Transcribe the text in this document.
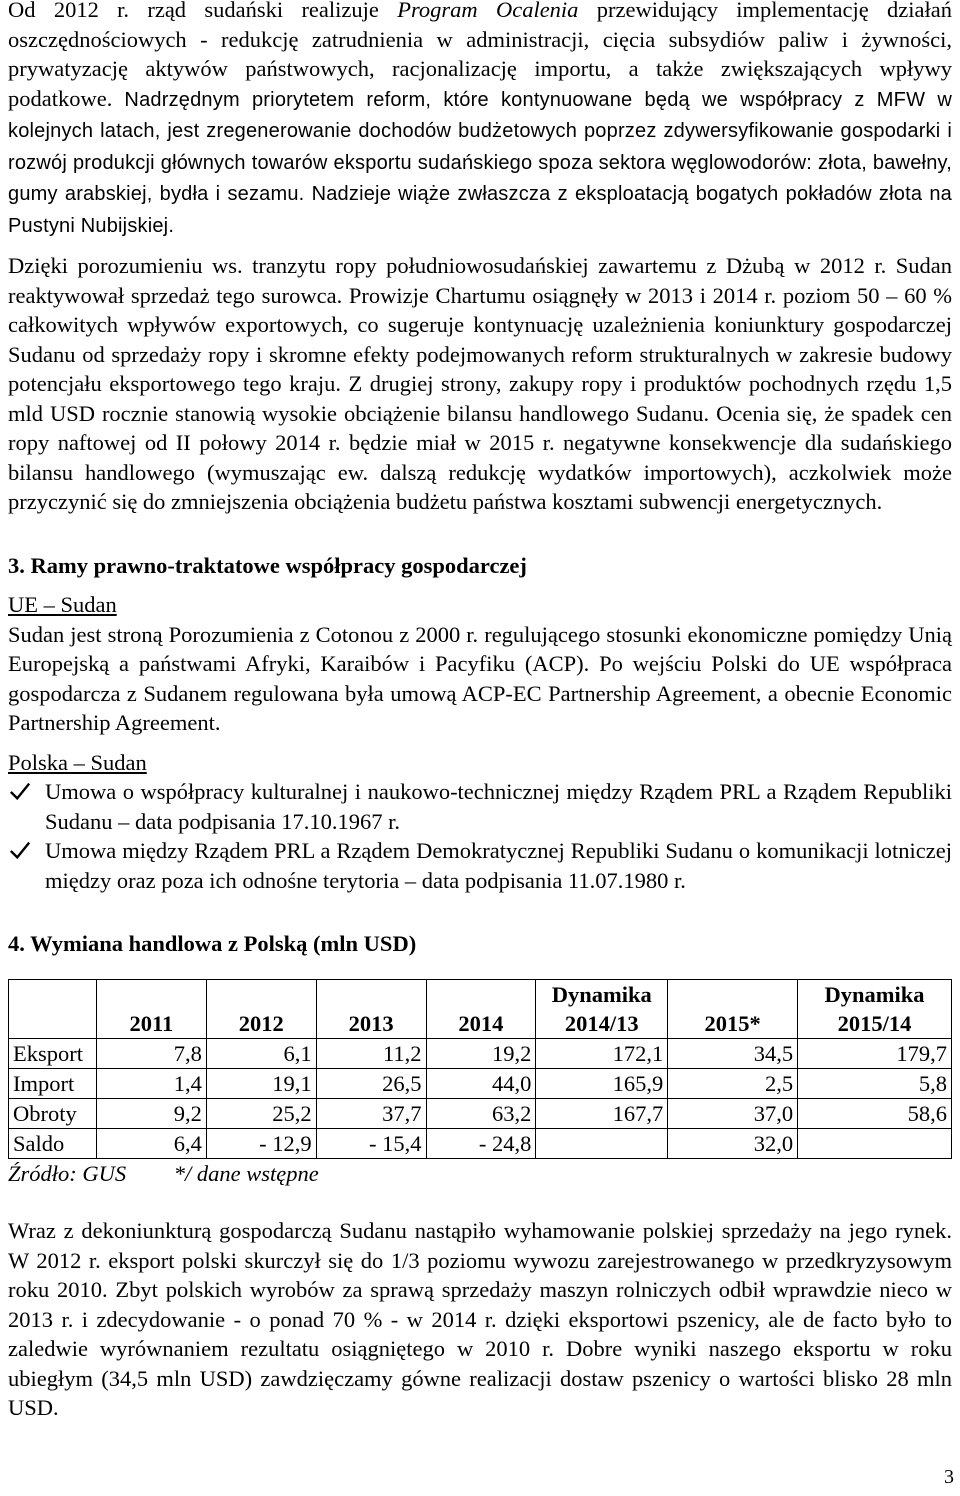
Od 2012 r. rząd sudański realizuje Program Ocalenia przewidujący implementację działań oszczędnościowych - redukcję zatrudnienia w administracji, cięcia subsydiów paliw i żywności, prywatyzację aktywów państwowych, racjonalizację importu, a także zwiększających wpływy podatkowe. Nadrzędnym priorytetem reform, które kontynuowane będą we współpracy z MFW w kolejnych latach, jest zregenerowanie dochodów budżetowych poprzez zdywersyfikowanie gospodarki i rozwój produkcji głównych towarów eksportu sudańskiego spoza sektora węglowodorów: złota, bawełny, gumy arabskiej, bydła i sezamu. Nadzieje wiąże zwłaszcza z eksploatacją bogatych pokładów złota na Pustyni Nubijskiej.

Dzięki porozumieniu ws. tranzytu ropy południowosudańskiej zawartemu z Dżubą w 2012 r. Sudan reaktywował sprzedaż tego surowca. Prowizje Chartumu osiągnęły w 2013 i 2014 r. poziom 50 – 60 % całkowitych wpływów exportowych, co sugeruje kontynuację uzależnienia koniunktury gospodarczej Sudanu od sprzedaży ropy i skromne efekty podejmowanych reform strukturalnych w zakresie budowy potencjału eksportowego tego kraju. Z drugiej strony, zakupy ropy i produktów pochodnych rzędu 1,5 mld USD rocznie stanowią wysokie obciążenie bilansu handlowego Sudanu. Ocenia się, że spadek cen ropy naftowej od II połowy 2014 r. będzie miał w 2015 r. negatywne konsekwencje dla sudańskiego bilansu handlowego (wymuszając ew. dalszą redukcję wydatków importowych), aczkolwiek może przyczynić się do zmniejszenia obciążenia budżetu państwa kosztami subwencji energetycznych.

3. Ramy prawno-traktatowe współpracy gospodarczej

UE – Sudan

Sudan jest stroną Porozumienia z Cotonou z 2000 r. regulującego stosunki ekonomiczne pomiędzy Unią Europejską a państwami Afryki, Karaibów i Pacyfiku (ACP). Po wejściu Polski do UE współpraca gospodarcza z Sudanem regulowana była umową ACP-EC Partnership Agreement, a obecnie Economic Partnership Agreement.

Polska – Sudan

Umowa o współpracy kulturalnej i naukowo-technicznej między Rządem PRL a Rządem Republiki Sudanu – data podpisania 17.10.1967 r.
Umowa między Rządem PRL a Rządem Demokratycznej Republiki Sudanu o komunikacji lotniczej między oraz poza ich odnośne terytoria – data podpisania 11.07.1980 r.
4. Wymiana handlowa z Polską (mln USD)
	2011	2012	2013	2014	Dynamika 2014/13	2015*	Dynamika 2015/14
Eksport	7,8	6,1	11,2	19,2	172,1	34,5	179,7
Import	1,4	19,1	26,5	44,0	165,9	2,5	5,8
Obroty	9,2	25,2	37,7	63,2	167,7	37,0	58,6
Saldo	6,4	- 12,9	- 15,4	- 24,8		32,0	

Źródło: GUS */ dane wstępne

Wraz z dekoniunkturą gospodarczą Sudanu nastąpiło wyhamowanie polskiej sprzedaży na jego rynek. W 2012 r. eksport polski skurczył się do 1/3 poziomu wywozu zarejestrowanego w przedkryzysowym roku 2010. Zbyt polskich wyrobów za sprawą sprzedaży maszyn rolniczych odbił wprawdzie nieco w 2013 r. i zdecydowanie - o ponad 70 % - w 2014 r. dzięki eksportowi pszenicy, ale de facto było to zaledwie wyrównaniem rezultatu osiągniętego w 2010 r. Dobre wyniki naszego eksportu w roku ubiegłym (34,5 mln USD) zawdzięczamy gówne realizacji dostaw pszenicy o wartości blisko 28 mln USD.

3
